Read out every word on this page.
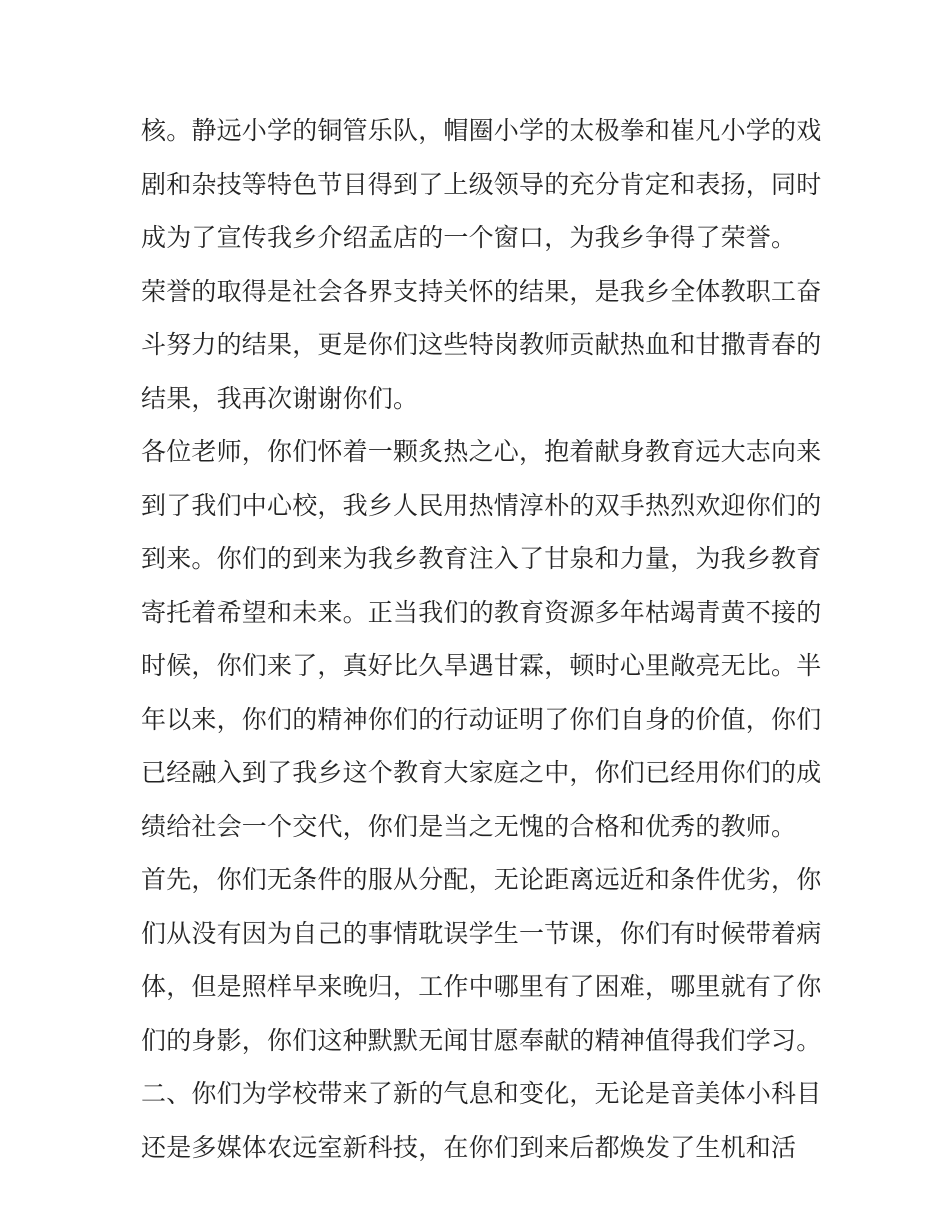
核。静远小学的铜管乐队，帽圈小学的太极拳和崔凡小学的戏
剧和杂技等特色节目得到了上级领导的充分肯定和表扬，同时
成为了宣传我乡介绍孟店的一个窗口，为我乡争得了荣誉。
荣誉的取得是社会各界支持关怀的结果，是我乡全体教职工奋
斗努力的结果，更是你们这些特岗教师贡献热血和甘撒青春的
结果，我再次谢谢你们。
各位老师，你们怀着一颗炙热之心，抱着献身教育远大志向来
到了我们中心校，我乡人民用热情淳朴的双手热烈欢迎你们的
到来。你们的到来为我乡教育注入了甘泉和力量，为我乡教育
寄托着希望和未来。正当我们的教育资源多年枯竭青黄不接的
时候，你们来了，真好比久旱遇甘霖，顿时心里敞亮无比。半
年以来，你们的精神你们的行动证明了你们自身的价值，你们
已经融入到了我乡这个教育大家庭之中，你们已经用你们的成
绩给社会一个交代，你们是当之无愧的合格和优秀的教师。
首先，你们无条件的服从分配，无论距离远近和条件优劣，你
们从没有因为自己的事情耽误学生一节课，你们有时候带着病
体，但是照样早来晚归，工作中哪里有了困难，哪里就有了你
们的身影，你们这种默默无闻甘愿奉献的精神值得我们学习。
二、你们为学校带来了新的气息和变化，无论是音美体小科目
还是多媒体农远室新科技，在你们到来后都焕发了生机和活
